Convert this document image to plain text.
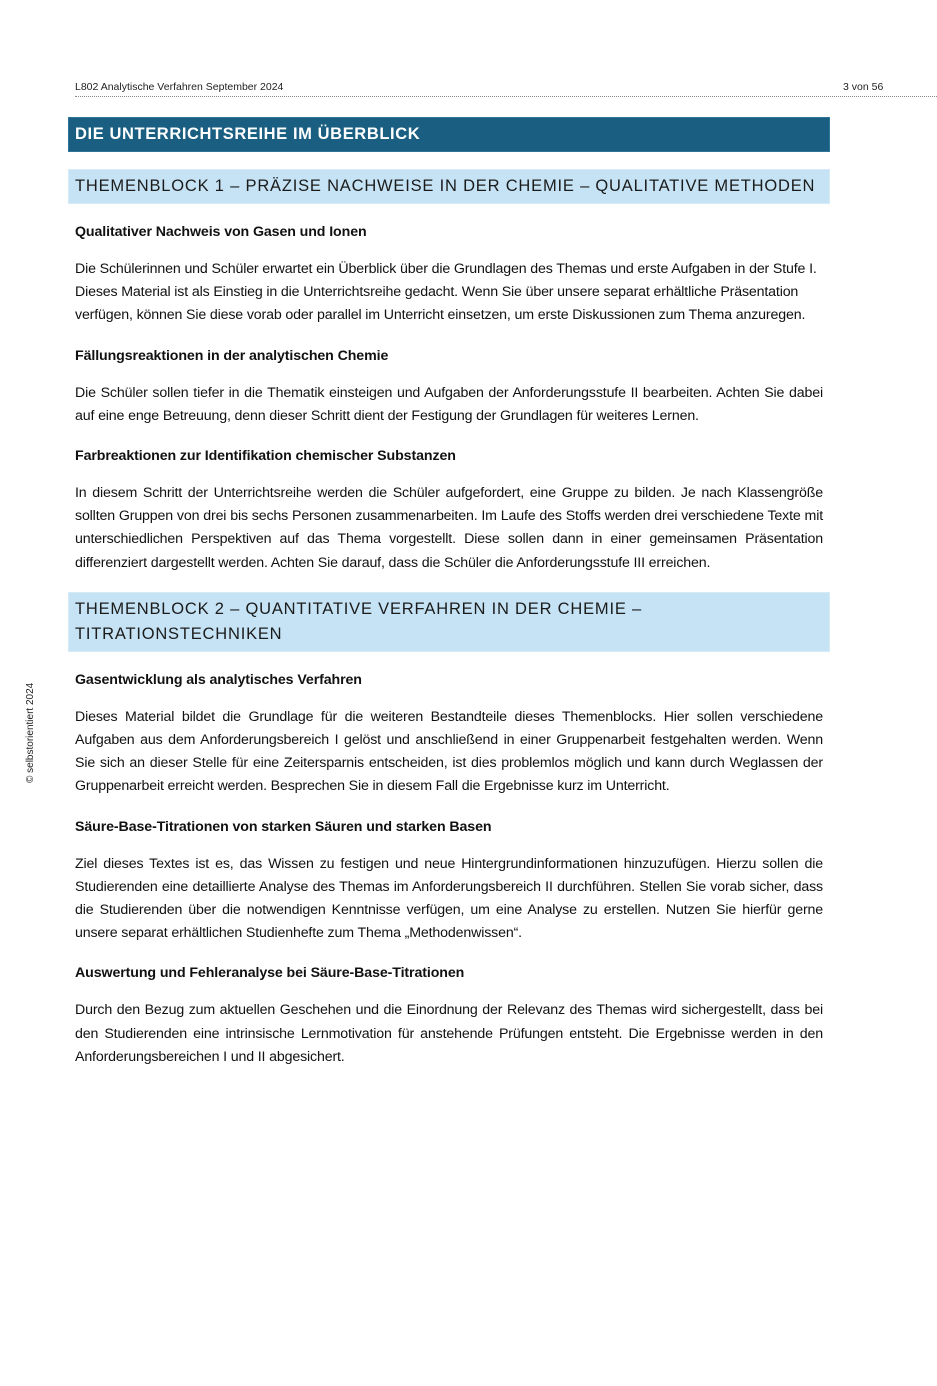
L802 Analytische Verfahren September 2024	3 von 56
© selbstorientiert 2024
DIE UNTERRICHTSREIHE IM ÜBERBLICK
THEMENBLOCK 1 – PRÄZISE NACHWEISE IN DER CHEMIE – QUALITATIVE METHODEN
Qualitativer Nachweis von Gasen und Ionen
Die Schülerinnen und Schüler erwartet ein Überblick über die Grundlagen des Themas und erste Aufgaben in der Stufe I. Dieses Material ist als Einstieg in die Unterrichtsreihe gedacht. Wenn Sie über unsere separat erhältliche Präsentation verfügen, können Sie diese vorab oder parallel im Unterricht einsetzen, um erste Diskussionen zum Thema anzuregen.
Fällungsreaktionen in der analytischen Chemie
Die Schüler sollen tiefer in die Thematik einsteigen und Aufgaben der Anforderungsstufe II bearbeiten. Achten Sie dabei auf eine enge Betreuung, denn dieser Schritt dient der Festigung der Grundlagen für weiteres Lernen.
Farbreaktionen zur Identifikation chemischer Substanzen
In diesem Schritt der Unterrichtsreihe werden die Schüler aufgefordert, eine Gruppe zu bilden. Je nach Klassengröße sollten Gruppen von drei bis sechs Personen zusammenarbeiten. Im Laufe des Stoffs werden drei verschiedene Texte mit unterschiedlichen Perspektiven auf das Thema vorgestellt. Diese sollen dann in einer gemeinsamen Präsentation differenziert dargestellt werden. Achten Sie darauf, dass die Schüler die Anforderungsstufe III erreichen.
THEMENBLOCK 2 – QUANTITATIVE VERFAHREN IN DER CHEMIE – TITRATIONSTECHNIKEN
Gasentwicklung als analytisches Verfahren
Dieses Material bildet die Grundlage für die weiteren Bestandteile dieses Themenblocks. Hier sollen verschiedene Aufgaben aus dem Anforderungsbereich I gelöst und anschließend in einer Gruppenarbeit festgehalten werden. Wenn Sie sich an dieser Stelle für eine Zeitersparnis entscheiden, ist dies problemlos möglich und kann durch Weglassen der Gruppenarbeit erreicht werden. Besprechen Sie in diesem Fall die Ergebnisse kurz im Unterricht.
Säure-Base-Titrationen von starken Säuren und starken Basen
Ziel dieses Textes ist es, das Wissen zu festigen und neue Hintergrundinformationen hinzuzufügen. Hierzu sollen die Studierenden eine detaillierte Analyse des Themas im Anforderungsbereich II durchführen. Stellen Sie vorab sicher, dass die Studierenden über die notwendigen Kenntnisse verfügen, um eine Analyse zu erstellen. Nutzen Sie hierfür gerne unsere separat erhältlichen Studienhefte zum Thema „Methodenwissen“.
Auswertung und Fehleranalyse bei Säure-Base-Titrationen
Durch den Bezug zum aktuellen Geschehen und die Einordnung der Relevanz des Themas wird sichergestellt, dass bei den Studierenden eine intrinsische Lernmotivation für anstehende Prüfungen entsteht. Die Ergebnisse werden in den Anforderungsbereichen I und II abgesichert.
